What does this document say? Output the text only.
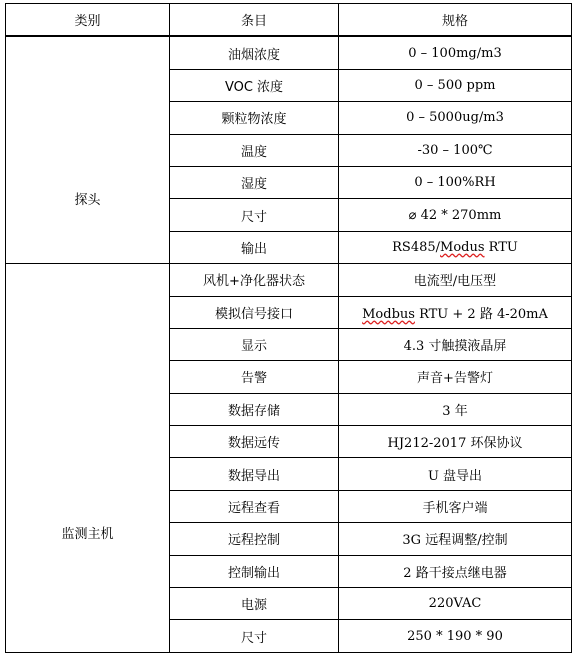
类别	条目	规格

探头	油烟浓度	0 – 100mg/m3
	VOC 浓度	0 – 500 ppm
	颗粒物浓度	0 – 5000ug/m3
	温度	-30 – 100℃
	湿度	0 – 100%RH
	尺寸	⌀ 42 * 270mm
	输出	RS485/Modus RTU

监测主机	风机+净化器状态	电流型/电压型
	模拟信号接口	Modbus RTU + 2 路 4-20mA
	显示	4.3 寸触摸液晶屏
	告警	声音+告警灯
	数据存储	3 年
	数据远传	HJ212-2017 环保协议
	数据导出	U 盘导出
	远程查看	手机客户端
	远程控制	3G 远程调整/控制
	控制输出	2 路干接点继电器
	电源	220VAC
	尺寸	250 * 190 * 90
